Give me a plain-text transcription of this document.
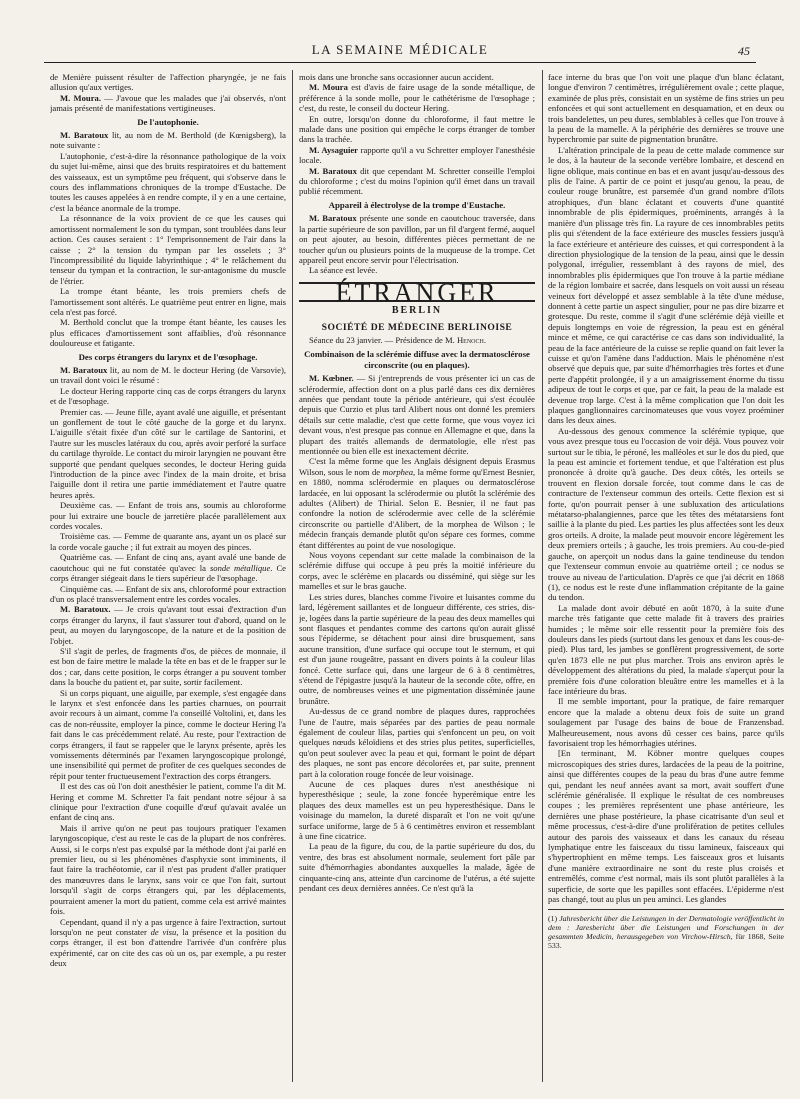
LA SEMAINE MÉDICALE	45

de Menière puissent résulter de l'affection pharyngée, je ne fais allusion qu'aux vertiges.

M. Moura. — J'avoue que les malades que j'ai observés, n'ont jamais présenté de manifestations vertigineuses.

De l'autophonie.

M. Baratoux lit, au nom de M. Berthold (de Kœnigsberg), la note suivante :

L'autophonie, c'est-à-dire la résonnance pathologique de la voix du sujet lui-même, ainsi que des bruits respiratoires et du battement des vaisseaux, est un symptôme peu fréquent, qui s'observe dans le cours des inflammations chroniques de la trompe d'Eustache. De toutes les causes appelées à en rendre compte, il y en a une certaine, c'est la béance anormale de la trompe.

La résonnance de la voix provient de ce que les causes qui amortissent normalement le son du tympan, sont troublées dans leur action. Ces causes seraient : 1° l'emprisonnement de l'air dans la caisse ; 2° la tension du tympan par les osselets ; 3° l'incompressibilité du liquide labyrinthique ; 4° le relâchement du tenseur du tympan et la contraction, le sur-antagonisme du muscle de l'étrier.

La trompe étant béante, les trois premiers chefs de l'amortissement sont altérés. Le quatrième peut entrer en ligne, mais cela n'est pas forcé.

M. Berthold conclut que la trompe étant béante, les causes les plus efficaces d'amortissement sont affaiblies, d'où résonnance douloureuse et fatigante.

Des corps étrangers du larynx et de l'œsophage.

M. Baratoux lit, au nom de M. le docteur Hering (de Varsovie), un travail dont voici le résumé :

Le docteur Hering rapporte cinq cas de corps étrangers du larynx et de l'œsophage.

Premier cas. — Jeune fille, ayant avalé une aiguille, et présentant un gonflement de tout le côté gauche de la gorge et du larynx. L'aiguille s'était fixée d'un côté sur le cartilage de Santorini, et l'autre sur les muscles latéraux du cou, après avoir perforé la surface du cartilage thyroïde. Le contact du miroir laryngien ne pouvant être supporté que pendant quelques secondes, le docteur Hering guida l'introduction de la pince avec l'index de la main droite, et brisa l'aiguille dont il retira une partie immédiatement et l'autre quatre heures après.

Deuxième cas. — Enfant de trois ans, soumis au chloroforme pour lui extraire une boucle de jarretière placée parallèlement aux cordes vocales.

Troisième cas. — Femme de quarante ans, ayant un os placé sur la corde vocale gauche ; il fut extrait au moyen des pinces.

Quatrième cas. — Enfant de cinq ans, ayant avalé une bande de caoutchouc qui ne fut constatée qu'avec la sonde métallique. Ce corps étranger siégeait dans le tiers supérieur de l'œsophage.

Cinquième cas. — Enfant de six ans, chloroformé pour extraction d'un os placé transversalement entre les cordes vocales.

M. Baratoux. — Je crois qu'avant tout essai d'extraction d'un corps étranger du larynx, il faut s'assurer tout d'abord, quand on le peut, au moyen du laryngoscope, de la nature et de la position de l'objet.

S'il s'agit de perles, de fragments d'os, de pièces de monnaie, il est bon de faire mettre le malade la tête en bas et de le frapper sur le dos ; car, dans cette position, le corps étranger a pu souvent tomber dans la bouche du patient et, par suite, sortir facilement.

Si un corps piquant, une aiguille, par exemple, s'est engagée dans le larynx et s'est enfoncée dans les parties charnues, on pourrait avoir recours à un aimant, comme l'a conseillé Voltolini, et, dans les cas de non-réussite, employer la pince, comme le docteur Hering l'a fait dans le cas précédemment relaté. Au reste, pour l'extraction de corps étrangers, il faut se rappeler que le larynx présente, après les vomissements déterminés par l'examen laryngoscopique prolongé, une insensibilité qui permet de profiter de ces quelques secondes de répit pour tenter fructueusement l'extraction des corps étrangers.

Il est des cas où l'on doit anesthésier le patient, comme l'a dit M. Hering et comme M. Schretter l'a fait pendant notre séjour à sa clinique pour l'extraction d'une coquille d'œuf qu'avait avalée un enfant de cinq ans.

Mais il arrive qu'on ne peut pas toujours pratiquer l'examen laryngoscopique, c'est au reste le cas de la plupart de nos confrères. Aussi, si le corps n'est pas expulsé par la méthode dont j'ai parlé en premier lieu, ou si les phénomènes d'asphyxie sont imminents, il faut faire la trachéotomie, car il n'est pas prudent d'aller pratiquer des manœuvres dans le larynx, sans voir ce que l'on fait, surtout lorsqu'il s'agit de corps étrangers qui, par les déplacements, pourraient amener la mort du patient, comme cela est arrivé maintes fois.

Cependant, quand il n'y a pas urgence à faire l'extraction, surtout lorsqu'on ne peut constater de visu, la présence et la position du corps étranger, il est bon d'attendre l'arrivée d'un confrère plus expérimenté, car on cite des cas où un os, par exemple, a pu rester deux

mois dans une bronche sans occasionner aucun accident.

M. Moura est d'avis de faire usage de la sonde métallique, de préférence à la sonde molle, pour le cathétérisme de l'œsophage ; c'est, du reste, le conseil du docteur Hering.

En outre, lorsqu'on donne du chloroforme, il faut mettre le malade dans une position qui empêche le corps étranger de tomber dans la trachée.

M. Aysaguier rapporte qu'il a vu Schretter employer l'anesthésie locale.

M. Baratoux dit que cependant M. Schretter conseille l'emploi du chloroforme ; c'est du moins l'opinion qu'il émet dans un travail publié récemment.

Appareil à électrolyse de la trompe d'Eustache.

M. Baratoux présente une sonde en caoutchouc traversée, dans la partie supérieure de son pavillon, par un fil d'argent fermé, auquel on peut ajouter, au besoin, différentes pièces permettant de ne toucher qu'un ou plusieurs points de la muqueuse de la trompe. Cet appareil peut encore servir pour l'électrisation.

La séance est levée.

ÉTRANGER

BERLIN

SOCIÉTÉ DE MÉDECINE BERLINOISE

Séance du 23 janvier. — Présidence de M. Henoch.

Combinaison de la sclérémie diffuse avec la dermatosclérose circonscrite (ou en plaques).

M. Kœbner. — Si j'entreprends de vous présenter ici un cas de sclérodermie, affection dont on a plus parlé dans ces dix dernières années que pendant toute la période antérieure, qui s'est écoulée depuis que Curzio et plus tard Alibert nous ont donné les premiers détails sur cette maladie, c'est que cette forme, que vous voyez ici devant vous, n'est presque pas connue en Allemagne et que, dans la plupart des traités allemands de dermatologie, elle n'est pas mentionnée ou bien elle est inexactement décrite.

C'est la même forme que les Anglais désignent depuis Erasmus Wilson, sous le nom de morphea, la même forme qu'Ernest Besnier, en 1880, nomma sclérodermie en plaques ou dermatosclérose lardacée, en lui opposant la sclérodermie ou plutôt la sclérémie des adultes (Alibert) de Thirial. Selon E. Besnier, il ne faut pas confondre la notion de sclérodermie avec celle de la sclérémie circonscrite ou partielle d'Alibert, de la morphea de Wilson ; le médecin français demande plutôt qu'on sépare ces formes, comme étant différentes au point de vue nosologique.

Nous voyons cependant sur cette malade la combinaison de la sclérémie diffuse qui occupe à peu près la moitié inférieure du corps, avec le sclérème en placards ou disséminé, qui siège sur les mamelles et sur le bras gauche.

Les stries dures, blanches comme l'ivoire et luisantes comme du lard, légèrement saillantes et de longueur différente, ces stries, dis-je, logées dans la partie supérieure de la peau des deux mamelles qui sont flasques et pendantes comme des cartons qu'on aurait glissé sous l'épiderme, se détachent pour ainsi dire brusquement, sans aucune transition, d'une surface qui occupe tout le sternum, et qui est d'un jaune rougeâtre, passant en divers points à la couleur lilas foncé. Cette surface qui, dans une largeur de 6 à 8 centimètres, s'étend de l'épigastre jusqu'à la hauteur de la seconde côte, offre, en outre, de nombreuses veines et une pigmentation disséminée jaune brunâtre.

Au-dessus de ce grand nombre de plaques dures, rapprochées l'une de l'autre, mais séparées par des parties de peau normale également de couleur lilas, parties qui s'enfoncent un peu, on voit quelques nœuds kéloïdiens et des stries plus petites, superficielles, qu'on peut soulever avec la peau et qui, formant le point de départ des plaques, ne sont pas encore décolorées et, par suite, prennent part à la coloration rouge foncée de leur voisinage.

Aucune de ces plaques dures n'est anesthésique ni hyperesthésique ; seule, la zone foncée hyperémique entre les plaques des deux mamelles est un peu hyperesthésique. Dans le voisinage du mamelon, la dureté disparaît et l'on ne voit qu'une surface uniforme, large de 5 à 6 centimètres environ et ressemblant à une fine cicatrice.

La peau de la figure, du cou, de la partie supérieure du dos, du ventre, des bras est absolument normale, seulement fort pâle par suite d'hémorrhagies abondantes auxquelles la malade, âgée de cinquante-cinq ans, atteinte d'un carcinome de l'utérus, a été sujette pendant ces deux dernières années. Ce n'est qu'à la

face interne du bras que l'on voit une plaque d'un blanc éclatant, longue d'environ 7 centimètres, irrégulièrement ovale ; cette plaque, examinée de plus près, consistait en un système de fins stries un peu enfoncées et qui sont actuellement en desquamation, et en deux ou trois bandelettes, un peu dures, semblables à celles que l'on trouve à la peau de la mamelle. A la périphérie des dernières se trouve une hyperchromie par suite de pigmentation brunâtre.

L'altération principale de la peau de cette malade commence sur le dos, à la hauteur de la seconde vertèbre lombaire, et descend en ligne oblique, mais continue en bas et en avant jusqu'au-dessous des plis de l'aine. A partir de ce point et jusqu'au genou, la peau, de couleur rouge brunâtre, est parsemée d'un grand nombre d'îlots atrophiques, d'un blanc éclatant et couverts d'une quantité innombrable de plis épidermiques, proéminents, arrangés à la manière d'un plissage très fin. La rayure de ces innombrables petits plis qui s'étendent de la face extérieure des muscles fessiers jusqu'à la face extérieure et antérieure des cuisses, et qui correspondent à la direction physiologique de la tension de la peau, ainsi que le dessin polygonal, irrégulier, ressemblant à des rayons de miel, des innombrables plis épidermiques que l'on trouve à la partie médiane de la région lombaire et sacrée, dans lesquels on voit aussi un réseau veineux fort développé et assez semblable à la tête d'une méduse, donnent à cette partie un aspect singulier, pour ne pas dire bizarre et grotesque. Du reste, comme il s'agit d'une sclérémie déjà vieille et depuis longtemps en voie de régression, la peau est en général mince et même, ce qui caractérise ce cas dans son individualité, la peau de la face antérieure de la cuisse se replie quand on fait lever la cuisse et qu'on l'amène dans l'adduction. Mais le phénomène n'est observé que depuis que, par suite d'hémorrhagies très fortes et d'une perte d'appétit prolongée, il y a un amaigrissement énorme du tissu adipeux de tout le corps et que, par ce fait, la peau de la malade est devenue trop large. C'est à la même complication que l'on doit les plaques ganglionnaires carcinomateuses que vous voyez proéminer dans les deux aines.

Au-dessous des genoux commence la sclérémie typique, que vous avez presque tous eu l'occasion de voir déjà. Vous pouvez voir surtout sur le tibia, le péroné, les malléoles et sur le dos du pied, que la peau est amincie et fortement tendue, et que l'altération est plus prononcée à droite qu'à gauche. Des deux côtés, les orteils se trouvent en flexion dorsale forcée, tout comme dans le cas de contracture de l'extenseur commun des orteils. Cette flexion est si forte, qu'on pourrait penser à une subluxation des articulations métatarso-phalangiennes, parce que les têtes des métatarsiens font saillie à la plante du pied. Les parties les plus affectées sont les deux gros orteils. A droite, la malade peut mouvoir encore légèrement les deux premiers orteils ; à gauche, les trois premiers. Au cou-de-pied gauche, on aperçoit un nodus dans la gaine tendineuse du tendon que l'extenseur commun envoie au quatrième orteil ; ce nodus se trouve au niveau de l'articulation. D'après ce que j'ai décrit en 1868 (1), ce nodus est le reste d'une inflammation crépitante de la gaine du tendon.

La malade dont avoir débuté en août 1870, à la suite d'une marche très fatigante que cette malade fit à travers des prairies humides ; le même soir elle ressentit pour la première fois des douleurs dans les pieds (surtout dans les genoux et dans les cous-de-pied). Plus tard, les jambes se gonflèrent progressivement, de sorte qu'en 1873 elle ne put plus marcher. Trois ans environ après le développement des altérations du pied, la malade s'aperçut pour la première fois d'une coloration bleuâtre entre les mamelles et à la face intérieure du bras.

Il me semble important, pour la pratique, de faire remarquer encore que la malade a obtenu deux fois de suite un grand soulagement par l'usage des bains de boue de Franzensbad. Malheureusement, nous avons dû cesser ces bains, parce qu'ils favorisaient trop les hémorrhagies utérines.

[En terminant, M. Köbner montre quelques coupes microscopiques des stries dures, lardacées de la peau de la poitrine, ainsi que différentes coupes de la peau du bras d'une autre femme qui, pendant les neuf années avant sa mort, avait souffert d'une sclérémie généralisée. Il explique le résultat de ces nombreuses coupes ; les premières représentent une phase antérieure, les dernières une phase postérieure, la phase cicatrisante d'un seul et même processus, c'est-à-dire d'une prolifération de petites cellules autour des parois des vaisseaux et dans les canaux du réseau lymphatique entre les faisceaux du tissu lamineux, faisceaux qui s'hypertrophient en même temps. Les faisceaux gros et luisants d'une manière extraordinaire ne sont du reste plus croisés et entremêlés, comme c'est normal, mais ils sont plutôt parallèles à la superficie, de sorte que les papilles sont effacées. L'épiderme n'est pas changé, tout au plus un peu aminci. Les glandes

(1) Jahresbericht über die Leistungen in der Dermatologie veröffentlicht in dem : Jaresbericht über die Leistungen und Forschungen in der gesammten Medicin, herausgegeben von Virchow-Hirsch, für 1868, Seite 533.
